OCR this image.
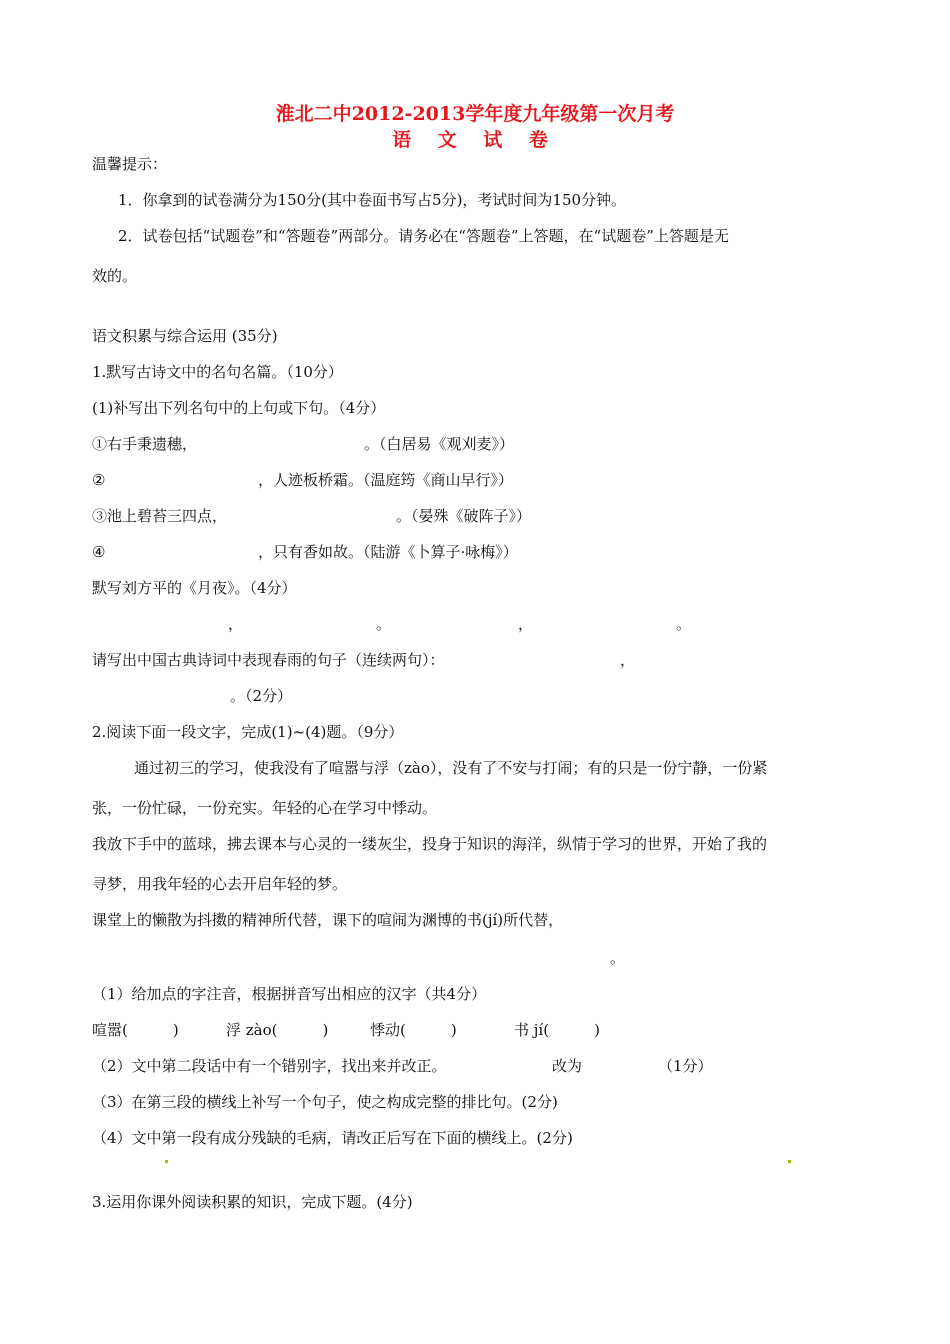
淮北二中2012-2013学年度九年级第一次月考
语 文 试 卷
温馨提示：
1．你拿到的试卷满分为150分(其中卷面书写占5分)，考试时间为150分钟。
2．试卷包括“试题卷”和“答题卷”两部分。请务必在“答题卷”上答题，在“试题卷”上答题是无
效的。
语文积累与综合运用 (35分)
1.默写古诗文中的名句名篇。（10分）
(1)补写出下列名句中的上句或下句。（4分）
①右手秉遗穗，	。（白居易《观刈麦》）
②	，人迹板桥霜。（温庭筠《商山早行》）
③池上碧苔三四点，	。（晏殊《破阵子》）
④	，只有香如故。（陆游《卜算子·咏梅》）
默写刘方平的《月夜》。（4分）
，	。	，	。
请写出中国古典诗词中表现春雨的句子（连续两句）：	，
。（2分）
2.阅读下面一段文字，完成(1)~(4)题。（9分）
通过初三的学习，使我没有了喧嚣与浮（zào），没有了不安与打闹；有的只是一份宁静，一份紧
张，一份忙碌，一份充实。年轻的心在学习中悸动。
我放下手中的蓝球，拂去课本与心灵的一缕灰尘，投身于知识的海洋，纵情于学习的世界，开始了我的
寻梦，用我年轻的心去开启年轻的梦。
课堂上的懒散为抖擞的精神所代替，课下的喧闹为渊博的书(jí)所代替，
。
（1）给加点的字注音，根据拼音写出相应的汉字（共4分）
喧嚣(　　　)	浮 zào(　　　)	悸动(　　　)	书 jí(　　　)
（2）文中第二段话中有一个错别字，找出来并改正。	改为	（1分）
（3）在第三段的横线上补写一个句子，使之构成完整的排比句。(2分)
（4）文中第一段有成分残缺的毛病，请改正后写在下面的横线上。(2分)
3.运用你课外阅读积累的知识，完成下题。(4分)
